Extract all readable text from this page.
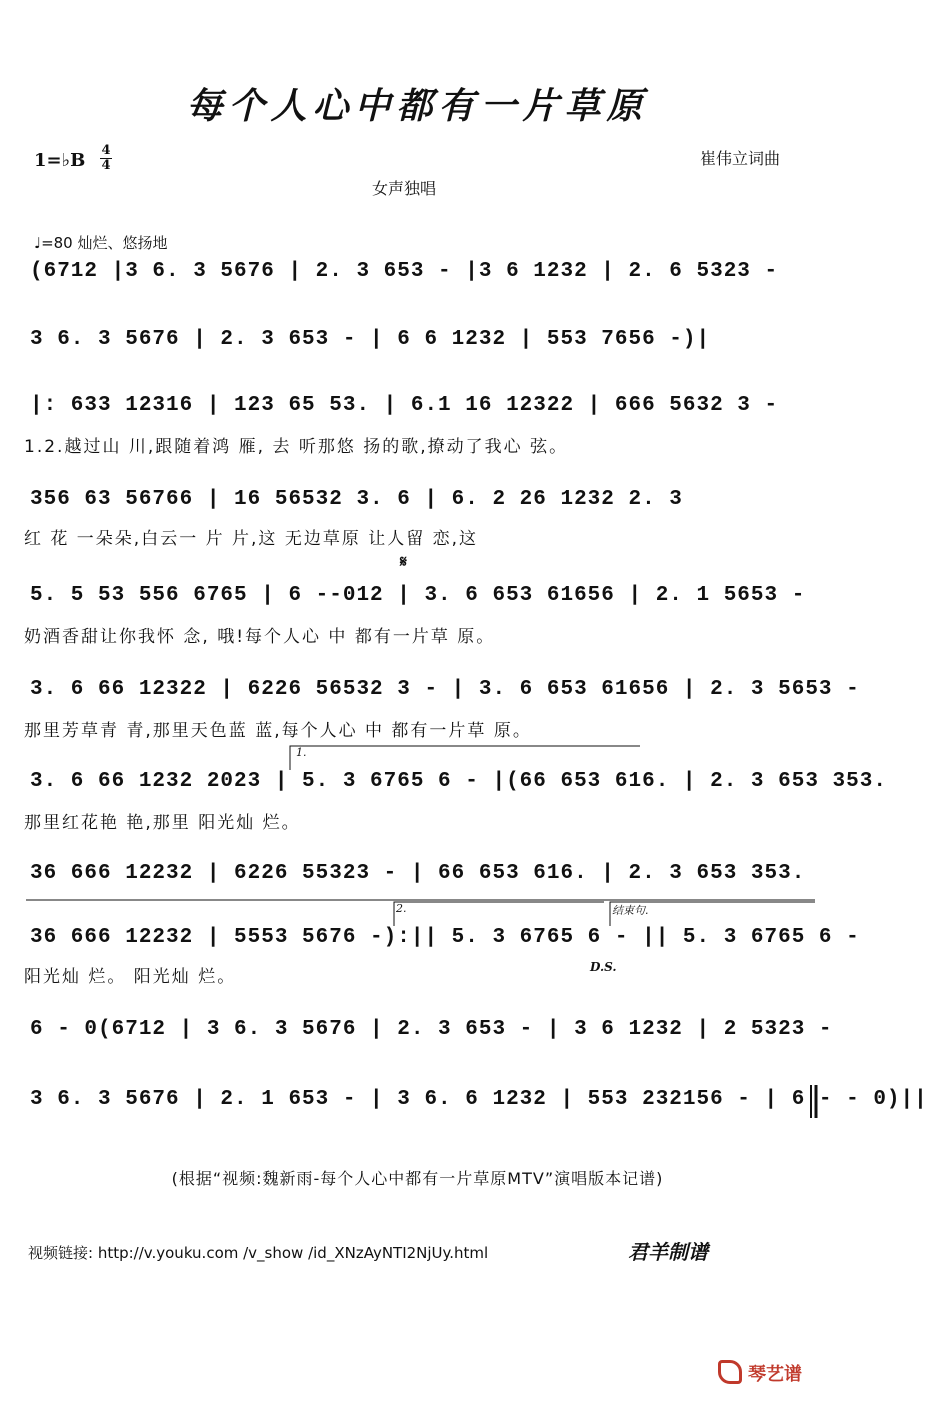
每个人心中都有一片草原
1=♭B 4
4	崔伟立词曲
女声独唱
♩=80 灿烂、悠扬地
(6712 |3 6. 3 5676 | 2. 3 653 - |3 6 1232 | 2. 6 5323 -
3 6. 3 5676 | 2. 3 653 - | 6 6 1232 | 553 7656 -)|
|: 633 12316 | 123 65 53. | 6.1 16 12322 | 666 5632 3 -
1.2.越过山 川,跟随着鸿 雁, 去 听那悠 扬的歌,撩动了我心 弦。
356 63 56766 | 16 56532 3. 6 | 6. 2 26 1232 2. 3
红 花 一朵朵,白云一 片 片,这 无边草原 让人留 恋,这
𝄋
5. 5 53 556 6765 | 6 --012 | 3. 6 653 61656 | 2. 1 5653 -
奶酒香甜让你我怀 念, 哦!每个人心 中 都有一片草 原。
3. 6 66 12322 | 6226 56532 3 - | 3. 6 653 61656 | 2. 3 5653 -
那里芳草青 青,那里天色蓝 蓝,每个人心 中 都有一片草 原。
1.
3. 6 66 1232 2023 | 5. 3 6765 6 - |(66 653 616. | 2. 3 653 353.
那里红花艳 艳,那里 阳光灿 烂。
36 666 12232 | 6226 55323 - | 66 653 616. | 2. 3 653 353.
2.	结束句.
36 666 12232 | 5553 5676 -):|| 5. 3 6765 6 - || 5. 3 6765 6 -
阳光灿 烂。 阳光灿 烂。	D.S.
6 - 0(6712 | 3 6. 3 5676 | 2. 3 653 - | 3 6 1232 | 2 5323 -
3 6. 3 5676 | 2. 1 653 - | 3 6. 6 1232 | 553 232156 - | 6 - - 0)||
(根据“视频:魏新雨-每个人心中都有一片草原MTV”演唱版本记谱)
视频链接: http://v.youku.com /v_show /id_XNzAyNTI2NjUy.html	君羊制谱
琴艺谱
